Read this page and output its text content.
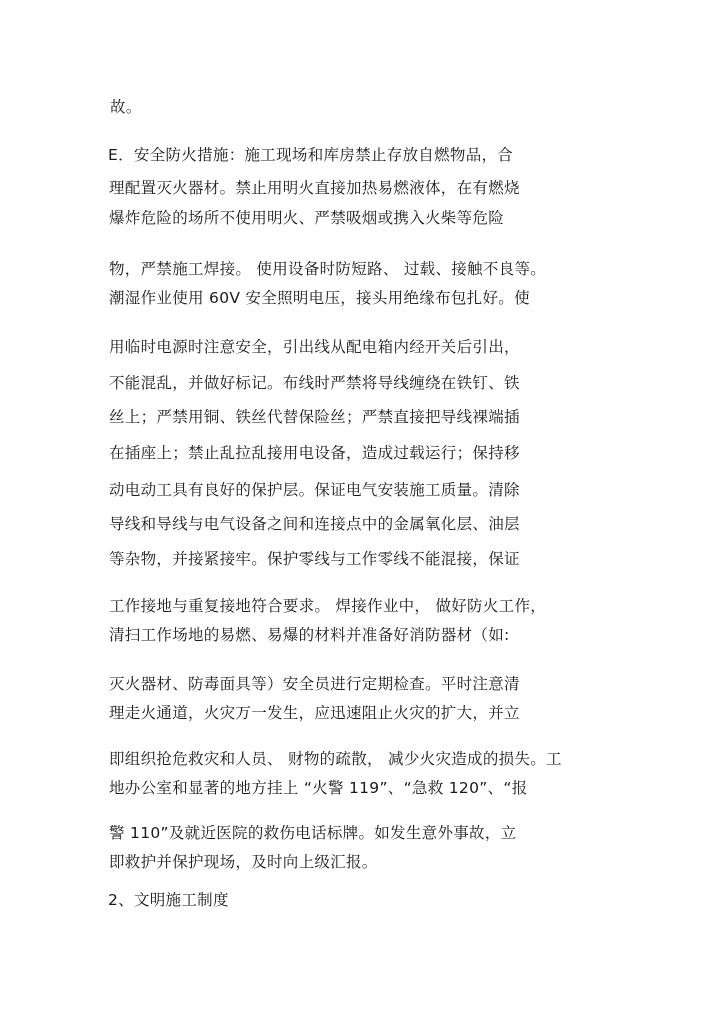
故。
E．安全防火措施：施工现场和库房禁止存放自燃物品，合
理配置灭火器材。禁止用明火直接加热易燃液体，在有燃烧
爆炸危险的场所不使用明火、严禁吸烟或携入火柴等危险
物，严禁施工焊接。 使用设备时防短路、 过载、接触不良等。
潮湿作业使用 60V 安全照明电压，接头用绝缘布包扎好。使
用临时电源时注意安全，引出线从配电箱内经开关后引出，
不能混乱，并做好标记。布线时严禁将导线缠绕在铁钉、铁
丝上；严禁用铜、铁丝代替保险丝；严禁直接把导线裸端插
在插座上；禁止乱拉乱接用电设备，造成过载运行；保持移
动电动工具有良好的保护层。保证电气安装施工质量。清除
导线和导线与电气设备之间和连接点中的金属氧化层、油层
等杂物，并接紧接牢。保护零线与工作零线不能混接，保证
工作接地与重复接地符合要求。 焊接作业中， 做好防火工作，
清扫工作场地的易燃、易爆的材料并准备好消防器材（如:
灭火器材、防毒面具等）安全员进行定期检查。平时注意清
理走火通道，火灾万一发生，应迅速阻止火灾的扩大，并立
即组织抢危救灾和人员、 财物的疏散， 减少火灾造成的损失。工
地办公室和显著的地方挂上 “火警 119”、“急救 120”、“报
警 110”及就近医院的救伤电话标牌。如发生意外事故，立
即救护并保护现场，及时向上级汇报。
2、文明施工制度
